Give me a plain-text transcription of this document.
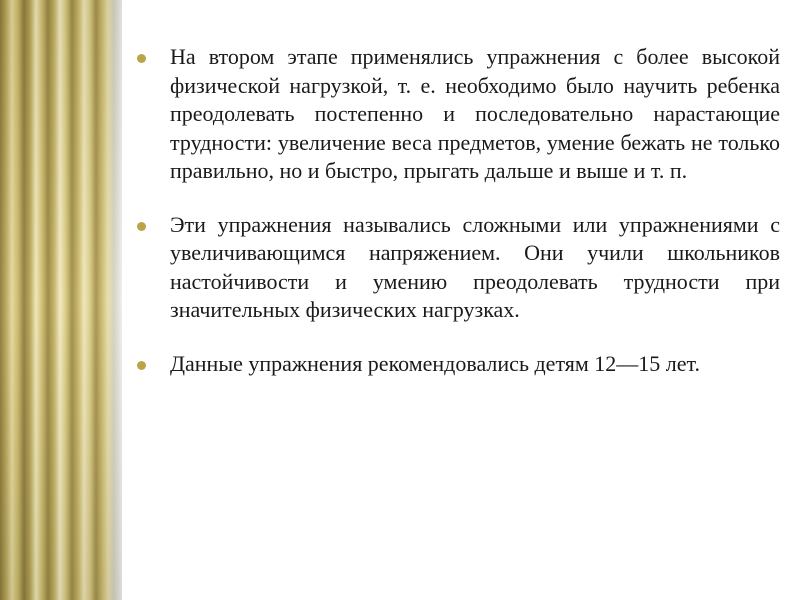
На втором этапе применялись упражнения с более высокой физической нагрузкой, т. е. необходимо было научить ребенка преодолевать постепенно и последовательно нарастающие трудности: увеличение веса предметов, умение бежать не только правильно, но и быстро, прыгать дальше и выше и т. п.
Эти упражнения назывались сложными или упражнениями с увеличивающимся напряжением. Они учили школьников настойчивости и умению преодолевать трудности при значительных физических нагрузках.
Данные упражнения рекомендовались детям 12—15 лет.
